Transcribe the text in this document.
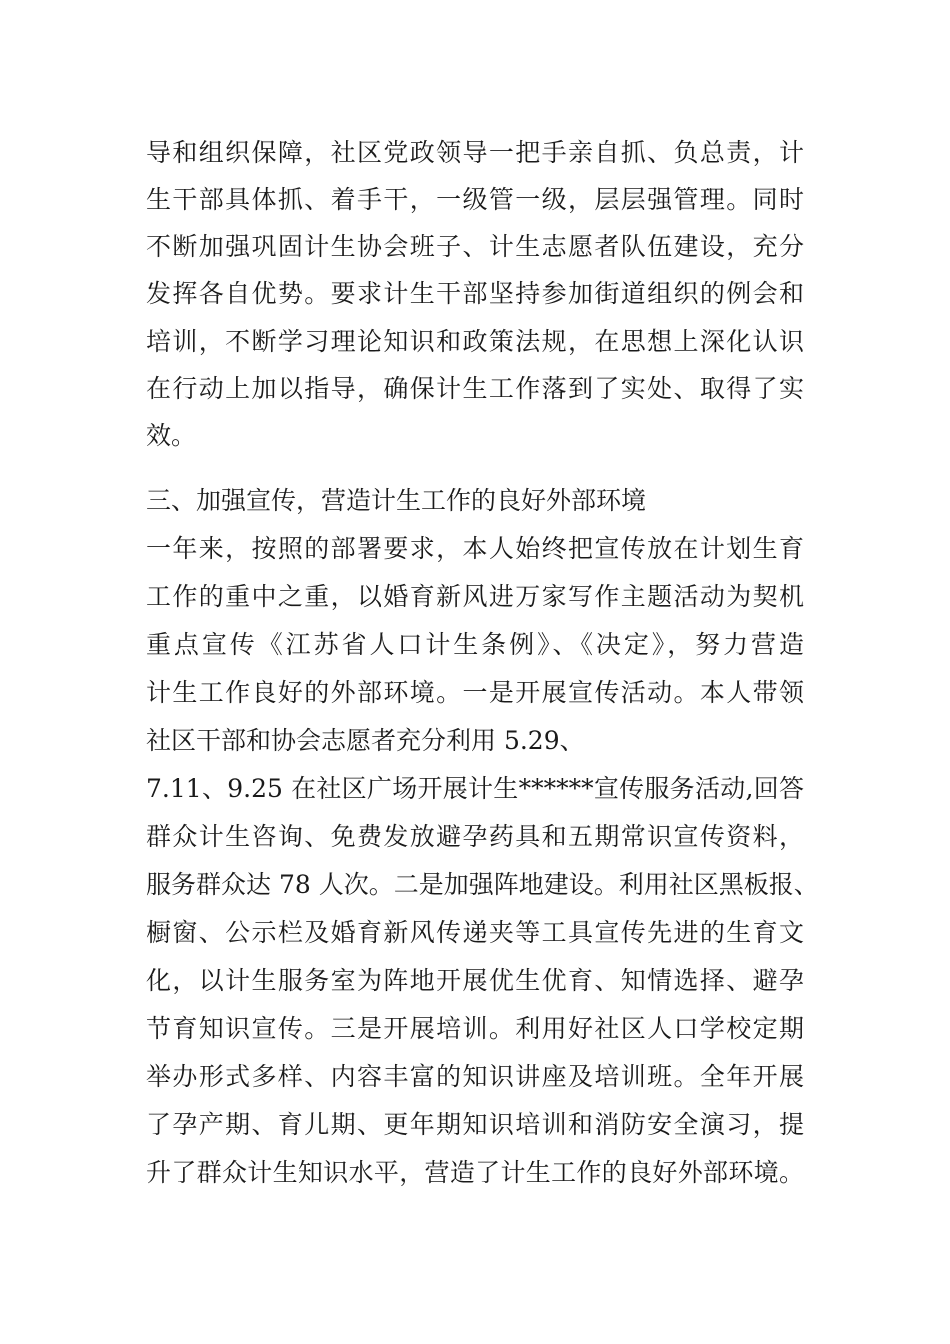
导和组织保障，社区党政领导一把手亲自抓、负总责，计
生干部具体抓、着手干，一级管一级，层层强管理。同时
不断加强巩固计生协会班子、计生志愿者队伍建设，充分
发挥各自优势。要求计生干部坚持参加街道组织的例会和
培训，不断学习理论知识和政策法规，在思想上深化认识
在行动上加以指导，确保计生工作落到了实处、取得了实
效。
三、加强宣传，营造计生工作的良好外部环境
一年来，按照的部署要求，本人始终把宣传放在计划生育
工作的重中之重，以婚育新风进万家写作主题活动为契机
重点宣传《江苏省人口计生条例》、《决定》，努力营造
计生工作良好的外部环境。一是开展宣传活动。本人带领
社区干部和协会志愿者充分利用 5.29、
7.11、9.25 在社区广场开展计生******宣传服务活动,回答
群众计生咨询、免费发放避孕药具和五期常识宣传资料，
服务群众达 78 人次。二是加强阵地建设。利用社区黑板报、
橱窗、公示栏及婚育新风传递夹等工具宣传先进的生育文
化，以计生服务室为阵地开展优生优育、知情选择、避孕
节育知识宣传。三是开展培训。利用好社区人口学校定期
举办形式多样、内容丰富的知识讲座及培训班。全年开展
了孕产期、育儿期、更年期知识培训和消防安全演习，提
升了群众计生知识水平，营造了计生工作的良好外部环境。
